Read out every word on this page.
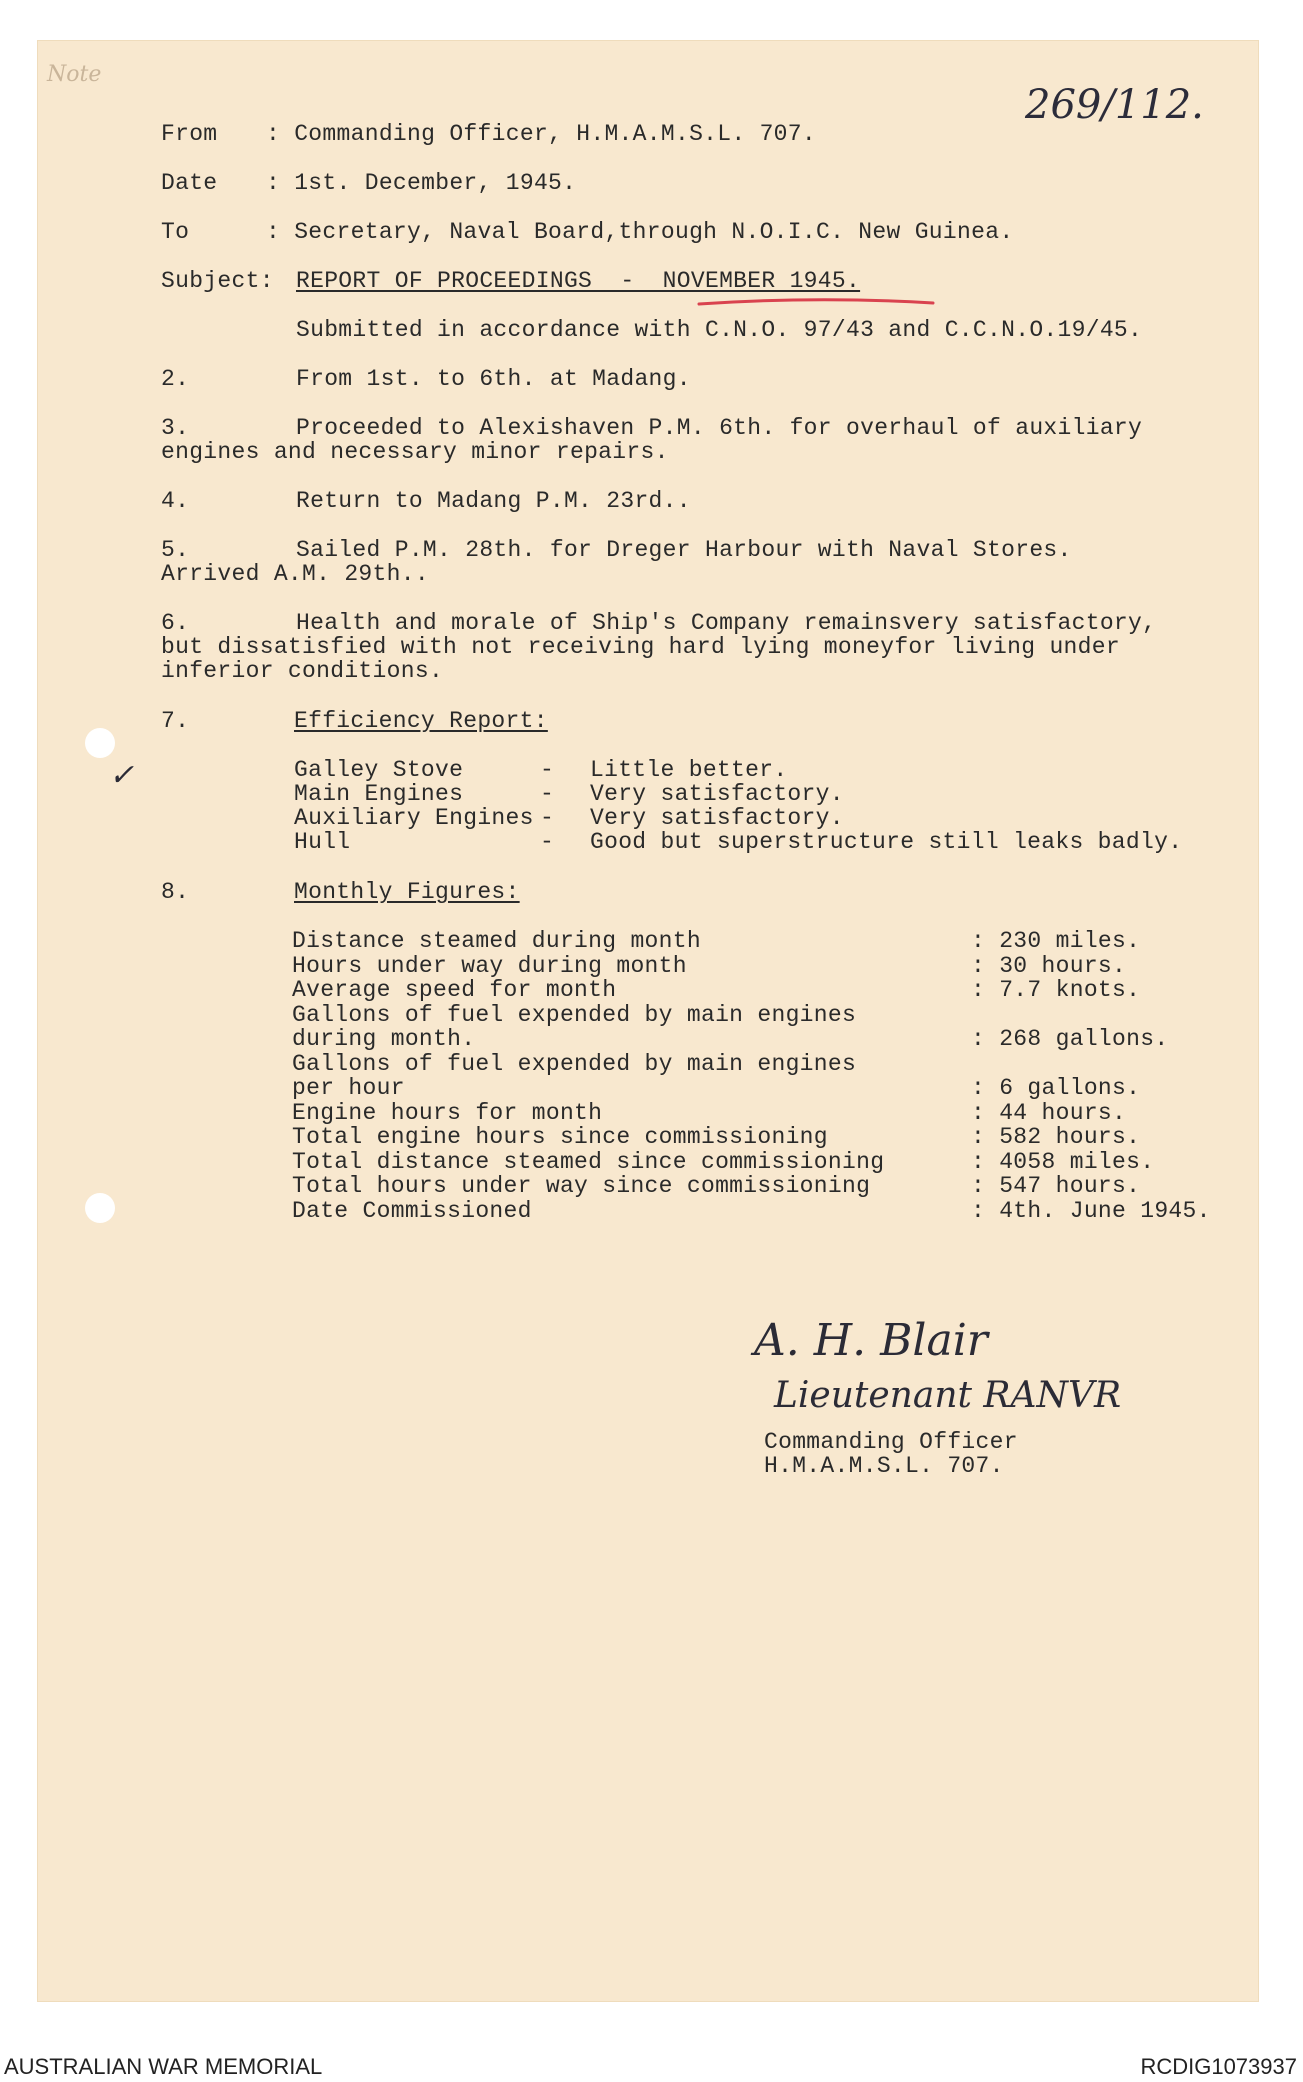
Note
269/112.
From : Commanding Officer, H.M.A.M.S.L. 707.
Date : 1st. December, 1945.
To	: Secretary, Naval Board,through N.O.I.C. New Guinea.
Subject: REPORT OF PROCEEDINGS  -  NOVEMBER 1945.
Submitted in accordance with C.N.O. 97/43 and C.C.N.O.19/45.
2.	From 1st. to 6th. at Madang.
3.	Proceeded to Alexishaven P.M. 6th. for overhaul of auxiliary
engines and necessary minor repairs.
4.	Return to Madang P.M. 23rd..
5.	Sailed P.M. 28th. for Dreger Harbour with Naval Stores.
Arrived A.M. 29th..
6.	Health and morale of Ship's Company remainsvery satisfactory,
but dissatisfied with not receiving hard lying moneyfor living under
inferior conditions.
7.	Efficiency Report:
✓	Galley Stove	- Little better.
Main Engines	- Very satisfactory.
Auxiliary Engines - Very satisfactory.
Hull	- Good but superstructure still leaks badly.
8.	Monthly Figures:
Distance steamed during month	: 230 miles.
Hours under way during month	: 30 hours.
Average speed for month	: 7.7 knots.
Gallons of fuel expended by main engines
during month.	: 268 gallons.
Gallons of fuel expended by main engines
per hour	: 6 gallons.
Engine hours for month	: 44 hours.
Total engine hours since commissioning	: 582 hours.
Total distance steamed since commissioning	: 4058 miles.
Total hours under way since commissioning	: 547 hours.
Date Commissioned	: 4th. June 1945.
A. H. Blair
Lieutenant RANVR
Commanding Officer
H.M.A.M.S.L. 707.
AUSTRALIAN WAR MEMORIAL	RCDIG1073937
